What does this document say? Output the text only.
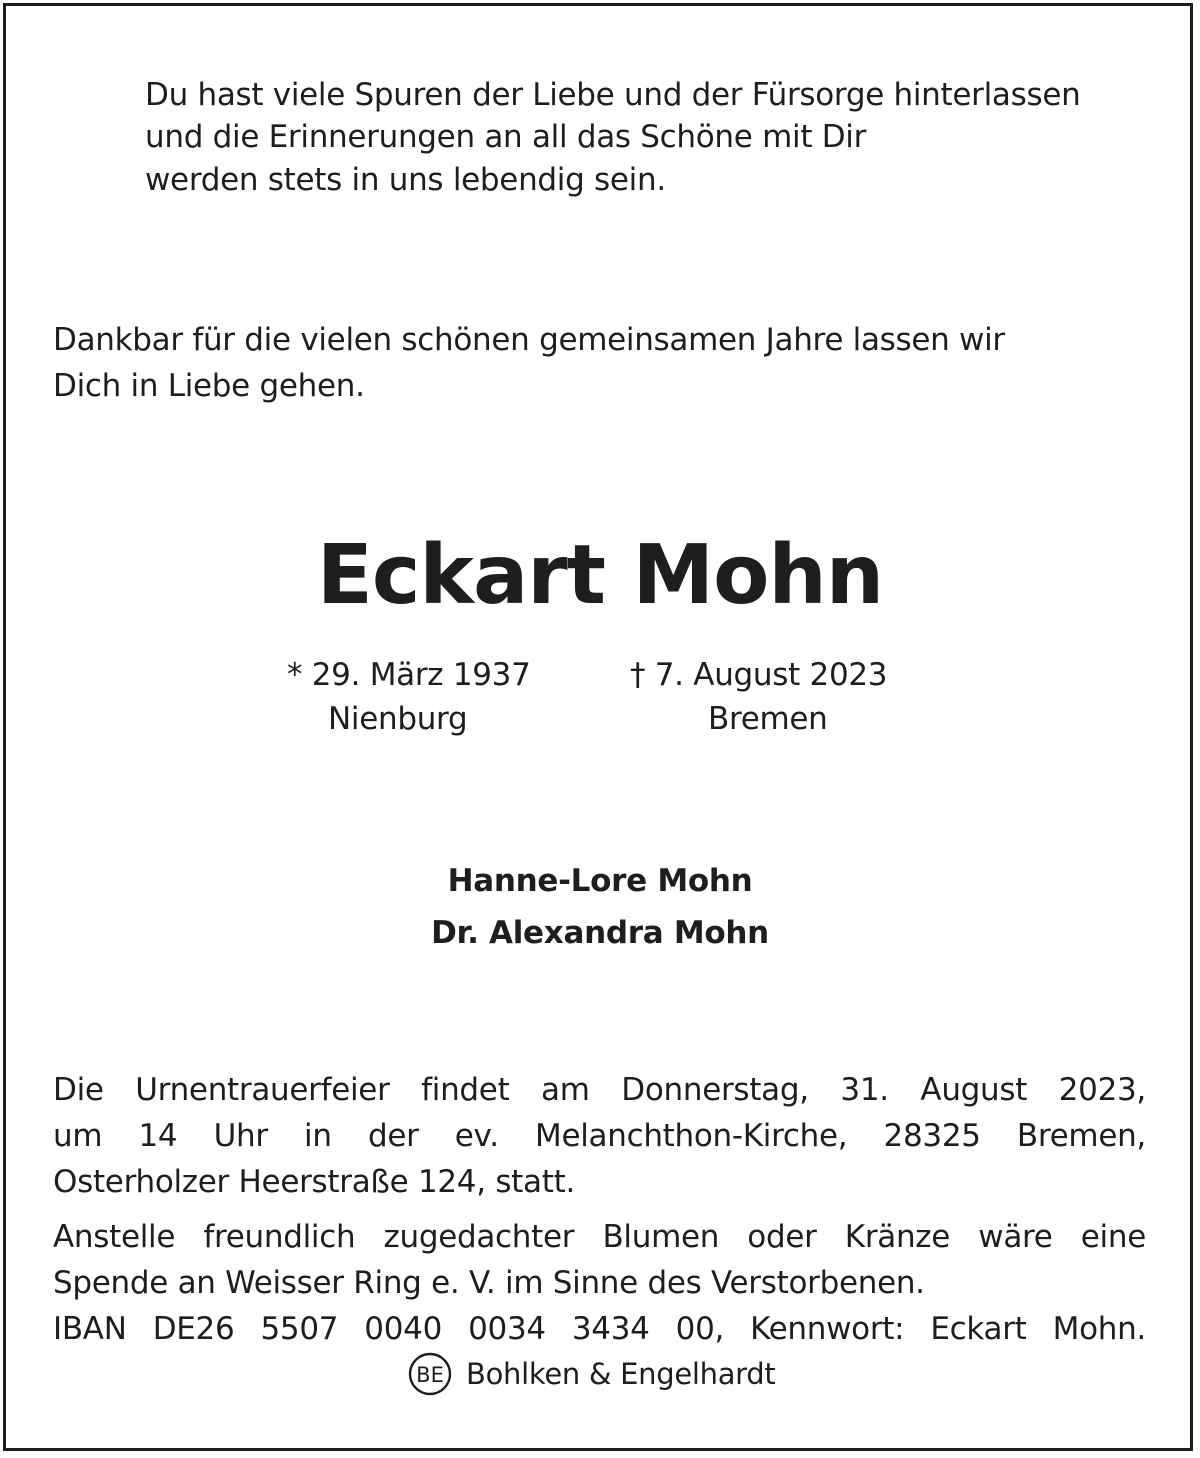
Du hast viele Spuren der Liebe und der Fürsorge hinterlassen
und die Erinnerungen an all das Schöne mit Dir
werden stets in uns lebendig sein.
Dankbar für die vielen schönen gemeinsamen Jahre lassen wir
Dich in Liebe gehen.
Eckart Mohn
* 29. März 1937
Nienburg
† 7. August 2023
Bremen
Hanne-Lore Mohn
Dr. Alexandra Mohn
Die Urnentrauerfeier findet am Donnerstag, 31. August 2023,
um 14 Uhr in der ev. Melanchthon-Kirche, 28325 Bremen,
Osterholzer Heerstraße 124, statt.
Anstelle freundlich zugedachter Blumen oder Kränze wäre eine
Spende an Weisser Ring e. V. im Sinne des Verstorbenen.
IBAN DE26 5507 0040 0034 3434 00, Kennwort: Eckart Mohn.
BE Bohlken & Engelhardt
